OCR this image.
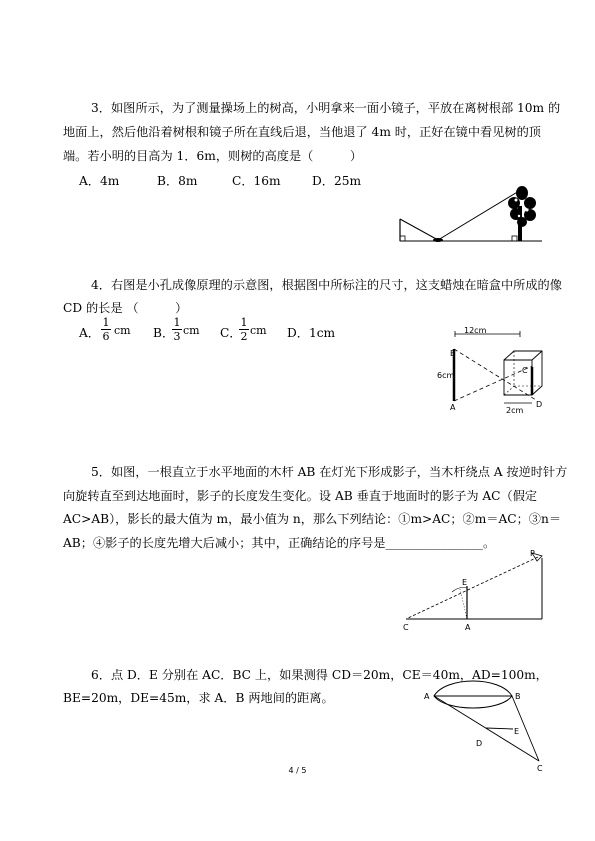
3．如图所示，为了测量操场上的树高，小明拿来一面小镜子，平放在离树根部 10m 的
地面上，然后他沿着树根和镜子所在直线后退，当他退了 4m 时，正好在镜中看见树的顶
端。若小明的目高为 1．6m，则树的高度是（　　　）
A．4m	B．8m	C．16m	D．25m
4．右图是小孔成像原理的示意图，根据图中所标注的尺寸，这支蜡烛在暗盒中所成的像
CD 的长是 （　　　）
A．
1
6 cm B．
1
3 cm C．
1
2 cm D．1cm	12cm
B
A
6cm
C
D
2cm
5．如图，一根直立于水平地面的木杆 AB 在灯光下形成影子，当木杆绕点 A 按逆时针方
向旋转直至到达地面时，影子的长度发生变化。设 AB 垂直于地面时的影子为 AC（假定
AC>AB），影长的最大值为 m，最小值为 n，那么下列结论：①m>AC；②m＝AC；③n＝
AB；④影子的长度先增大后减小；其中，正确结论的序号是________________。
E
A
C
P
6．点 D．E 分别在 AC．BC 上，如果测得 CD＝20m，CE＝40m，AD=100m，
BE=20m，DE=45m，求 A．B 两地间的距离。	A	B
C
D
E
4 / 5
